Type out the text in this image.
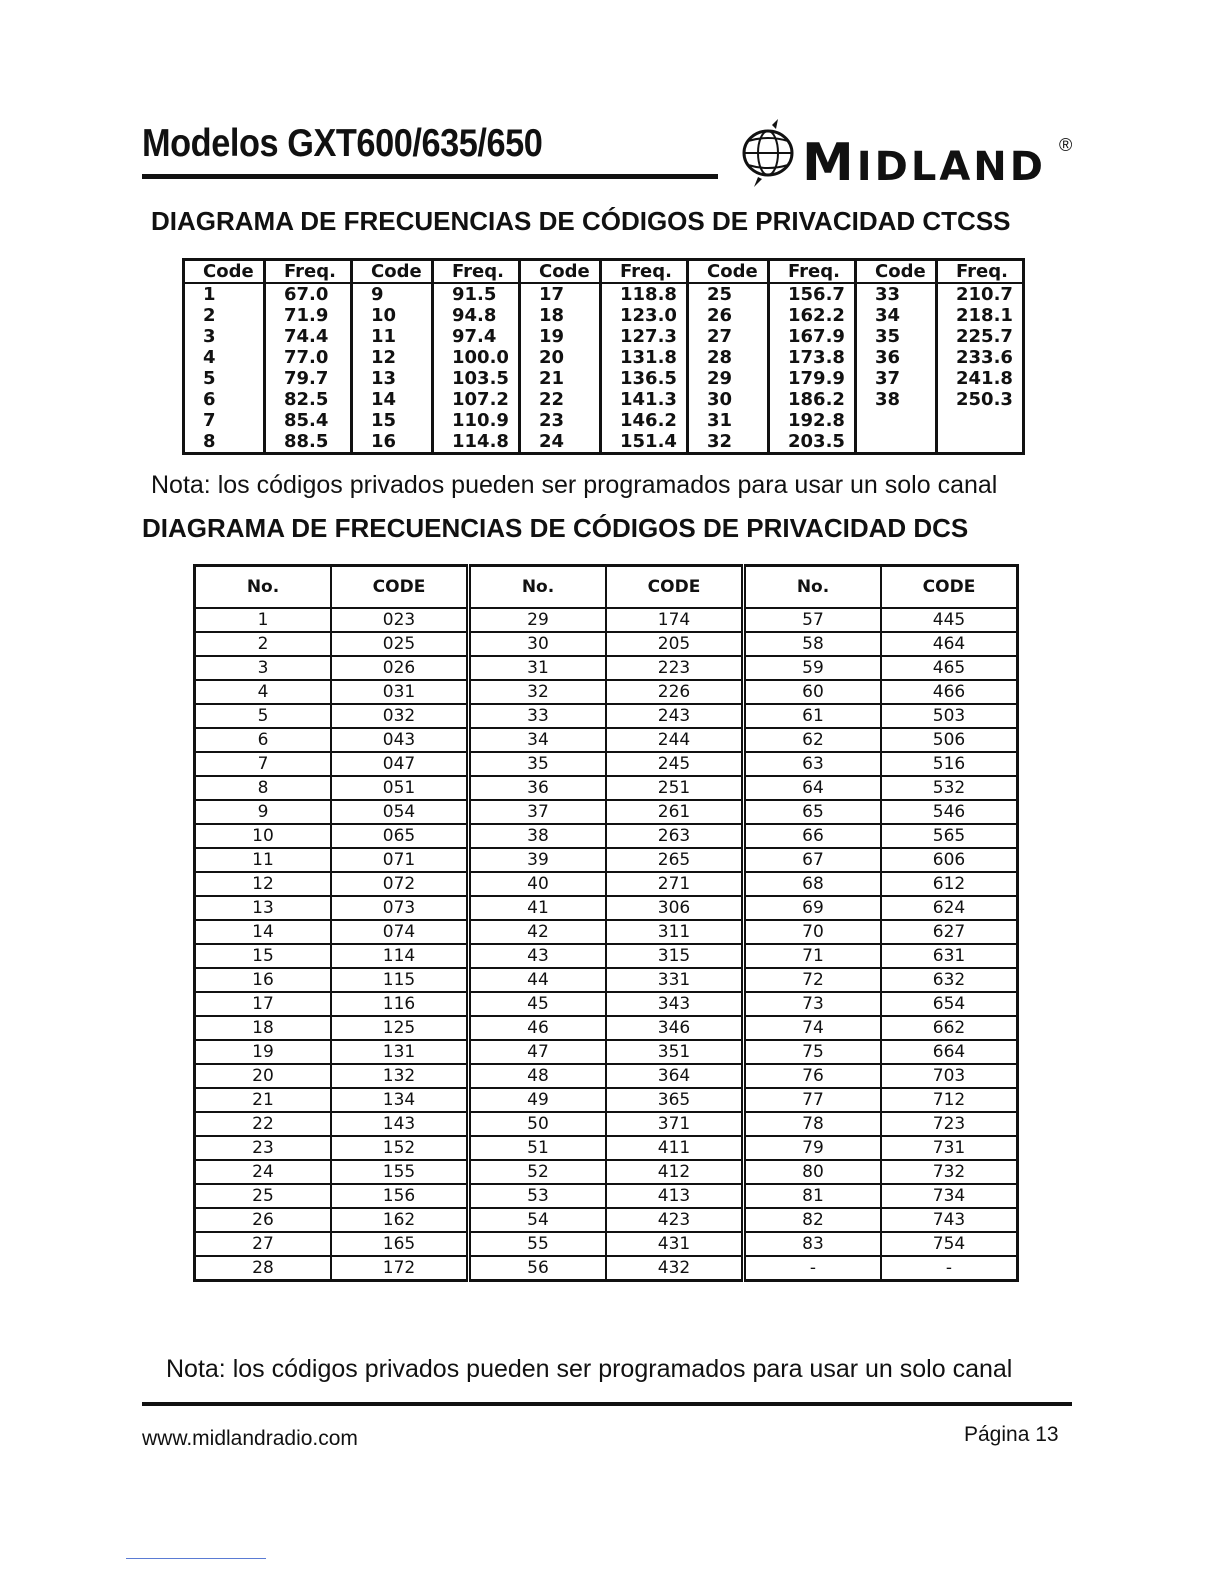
Modelos GXT600/635/650	MIDLAND ®
DIAGRAMA DE FRECUENCIAS DE CÓDIGOS DE PRIVACIDAD CTCSS
Code	Freq.	Code	Freq.	Code	Freq.	Code	Freq.	Code	Freq.
1	67.0	9	91.5	17	118.8	25	156.7	33	210.7
2	71.9	10	94.8	18	123.0	26	162.2	34	218.1
3	74.4	11	97.4	19	127.3	27	167.9	35	225.7
4	77.0	12	100.0	20	131.8	28	173.8	36	233.6
5	79.7	13	103.5	21	136.5	29	179.9	37	241.8
6	82.5	14	107.2	22	141.3	30	186.2	38	250.3
7	85.4	15	110.9	23	146.2	31	192.8		
8	88.5	16	114.8	24	151.4	32	203.5		
Nota: los códigos privados pueden ser programados para usar un solo canal
DIAGRAMA DE FRECUENCIAS DE CÓDIGOS DE PRIVACIDAD DCS
No.	CODE	No.	CODE	No.	CODE
1	023	29	174	57	445
2	025	30	205	58	464
3	026	31	223	59	465
4	031	32	226	60	466
5	032	33	243	61	503
6	043	34	244	62	506
7	047	35	245	63	516
8	051	36	251	64	532
9	054	37	261	65	546
10	065	38	263	66	565
11	071	39	265	67	606
12	072	40	271	68	612
13	073	41	306	69	624
14	074	42	311	70	627
15	114	43	315	71	631
16	115	44	331	72	632
17	116	45	343	73	654
18	125	46	346	74	662
19	131	47	351	75	664
20	132	48	364	76	703
21	134	49	365	77	712
22	143	50	371	78	723
23	152	51	411	79	731
24	155	52	412	80	732
25	156	53	413	81	734
26	162	54	423	82	743
27	165	55	431	83	754
28	172	56	432	-	-
Nota: los códigos privados pueden ser programados para usar un solo canal
www.midlandradio.com	Página 13
